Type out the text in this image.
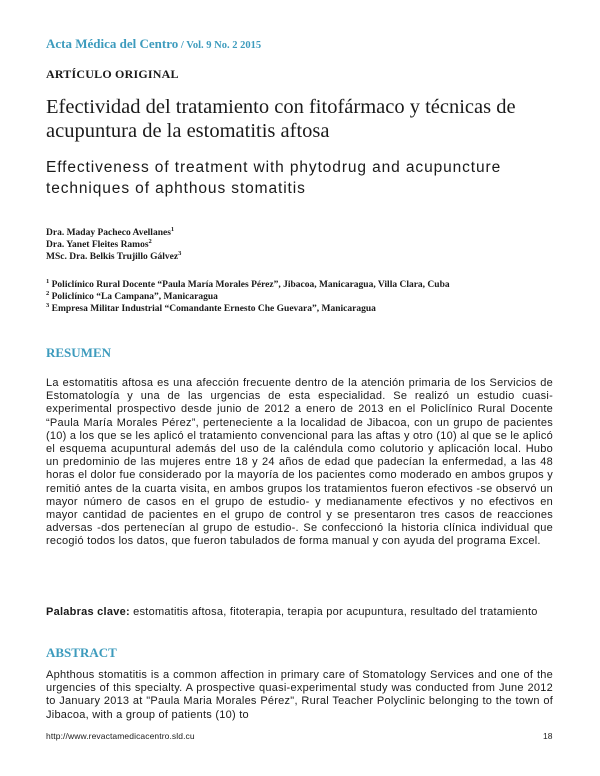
Acta Médica del Centro / Vol. 9 No. 2 2015
ARTÍCULO ORIGINAL
Efectividad del tratamiento con fitofármaco y técnicas de acupuntura de la estomatitis aftosa
Effectiveness of treatment with phytodrug and acupuncture techniques of aphthous stomatitis
Dra. Maday Pacheco Avellanes$^1$
Dra. Yanet Fleites Ramos$^2$
MSc. Dra. Belkis Trujillo Gálvez$^3$
$^1$ Policlínico Rural Docente “Paula María Morales Pérez”, Jibacoa, Manicaragua, Villa Clara, Cuba
$^2$ Policlínico “La Campana”, Manicaragua
$^3$ Empresa Militar Industrial “Comandante Ernesto Che Guevara”, Manicaragua
RESUMEN

La estomatitis aftosa es una afección frecuente dentro de la atención primaria de los Servicios de Estomatología y una de las urgencias de esta especialidad. Se realizó un estudio cuasi-experimental prospectivo desde junio de 2012 a enero de 2013 en el Policlínico Rural Docente “Paula María Morales Pérez”, perteneciente a la localidad de Jibacoa, con un grupo de pacientes (10) a los que se les aplicó el tratamiento convencional para las aftas y otro (10) al que se le aplicó el esquema acupuntural además del uso de la caléndula como colutorio y aplicación local. Hubo un predominio de las mujeres entre 18 y 24 años de edad que padecían la enfermedad, a las 48 horas el dolor fue considerado por la mayoría de los pacientes como moderado en ambos grupos y remitió antes de la cuarta visita, en ambos grupos los tratamientos fueron efectivos -se observó un mayor número de casos en el grupo de estudio- y medianamente efectivos y no efectivos en mayor cantidad de pacientes en el grupo de control y se presentaron tres casos de reacciones adversas -dos pertenecían al grupo de estudio-. Se confeccionó la historia clínica individual que recogió todos los datos, que fueron tabulados de forma manual y con ayuda del programa Excel.

Palabras clave: estomatitis aftosa, fitoterapia, terapia por acupuntura, resultado del tratamiento

ABSTRACT

Aphthous stomatitis is a common affection in primary care of Stomatology Services and one of the urgencies of this specialty. A prospective quasi-experimental study was conducted from June 2012 to January 2013 at "Paula Maria Morales Pérez", Rural Teacher Polyclinic belonging to the town of Jibacoa, with a group of patients (10) to

http://www.revactamedicacentro.sld.cu	18
